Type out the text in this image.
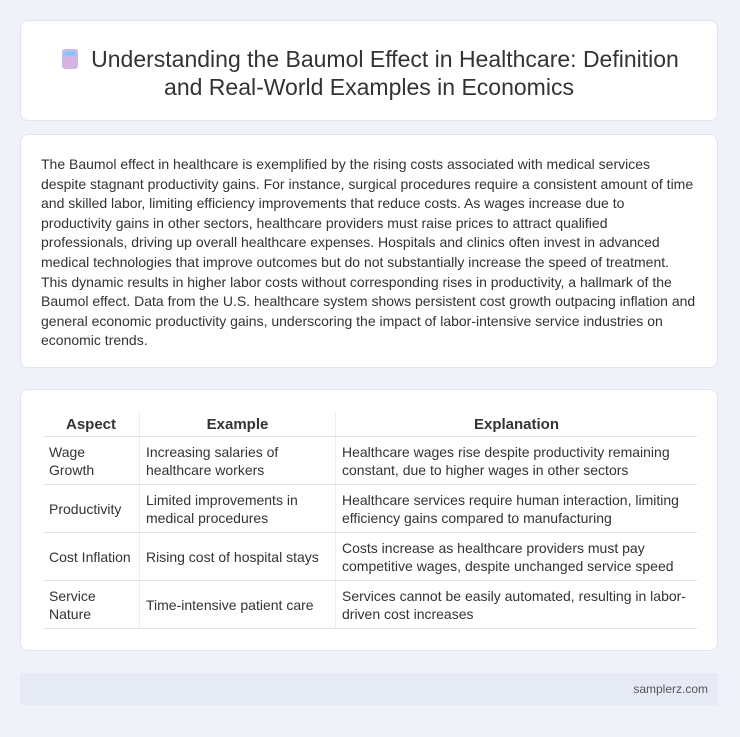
Understanding the Baumol Effect in Healthcare: Definition and Real-World Examples in Economics

The Baumol effect in healthcare is exemplified by the rising costs associated with medical services despite stagnant productivity gains. For instance, surgical procedures require a consistent amount of time and skilled labor, limiting efficiency improvements that reduce costs. As wages increase due to productivity gains in other sectors, healthcare providers must raise prices to attract qualified professionals, driving up overall healthcare expenses. Hospitals and clinics often invest in advanced medical technologies that improve outcomes but do not substantially increase the speed of treatment. This dynamic results in higher labor costs without corresponding rises in productivity, a hallmark of the Baumol effect. Data from the U.S. healthcare system shows persistent cost growth outpacing inflation and general economic productivity gains, underscoring the impact of labor-intensive service industries on economic trends.

Aspect	Example	Explanation
Wage Growth	Increasing salaries of healthcare workers	Healthcare wages rise despite productivity remaining constant, due to higher wages in other sectors
Productivity	Limited improvements in medical procedures	Healthcare services require human interaction, limiting efficiency gains compared to manufacturing
Cost Inflation	Rising cost of hospital stays	Costs increase as healthcare providers must pay competitive wages, despite unchanged service speed
Service Nature	Time-intensive patient care	Services cannot be easily automated, resulting in labor-driven cost increases
samplerz.com
